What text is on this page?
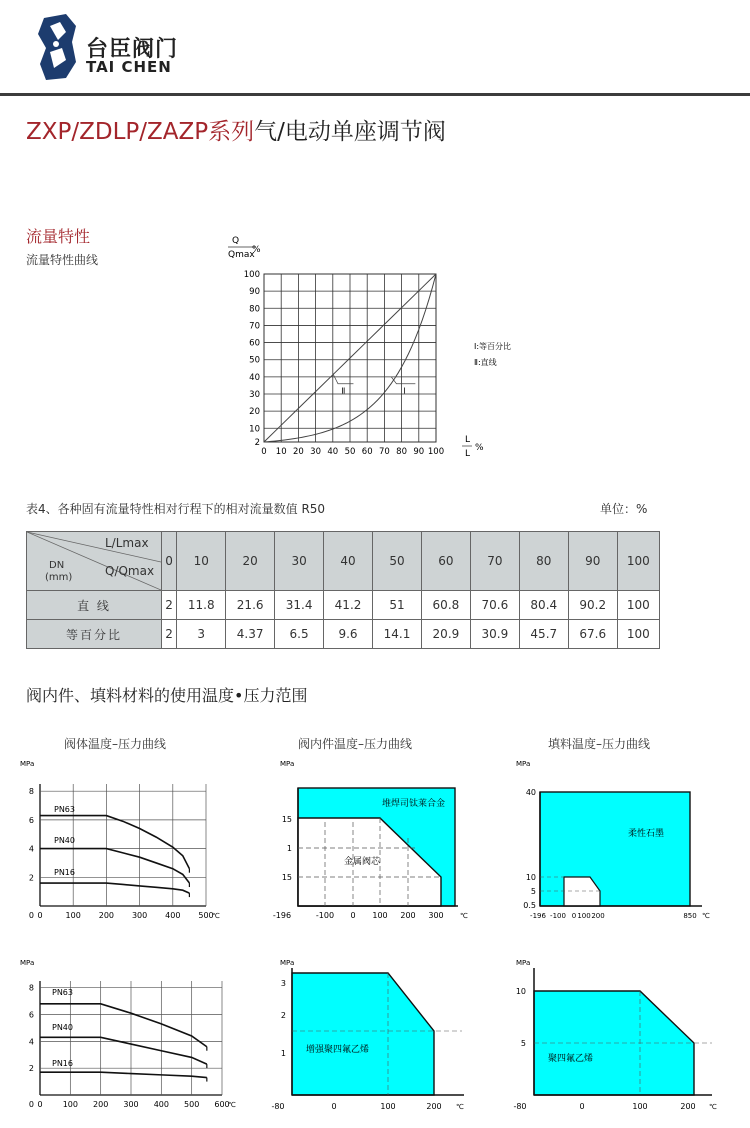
台臣阀门
TAI CHEN
ZXP/ZDLP/ZAZP系列气/电动单座调节阀
流量特性
流量特性曲线
0 10 20 30 40 50 60 70 80 90 100
2
10
20
30
40
50
60
70
80
90
100
Ⅰ
Ⅱ
Q
Qmax
%
L
L
%
Ⅰ:等百分比
Ⅱ:直线
表4、各种固有流量特性相对行程下的相对流量数值 R50	单位：%
L/Lmax
Q/Qmax
DN
(mm)	0	10	20	30	40	50	60	70	80	90	100
直 线	2	11.8	21.6	31.4	41.2	51	60.8	70.6	80.4	90.2	100
等百分比	2	3	4.37	6.5	9.6	14.1	20.9	30.9	45.7	67.6	100
阀内件、填料材料的使用温度•压力范围
阀体温度–压力曲线	阀内件温度–压力曲线	填料温度–压力曲线
0	100 200 300 400 500
℃
2
4
6
8
0
MPa
PN63
PN40
PN16
MPa
堆焊司钛莱合金
金属阀芯
15
1
15
-196	-100 0 100 200 300 ℃
MPa
柔性石墨
40
10
5
0.5
-196 -100 0 100 200	850 ℃
0	100 200 300 400 500 600
℃
2
4
6
8
0
MPa
PN63
PN40
PN16
MPa
增强聚四氟乙烯
3
2
1
-80	0	100	200 ℃
MPa
聚四氟乙烯
5
10
-80	0	100	200 ℃
